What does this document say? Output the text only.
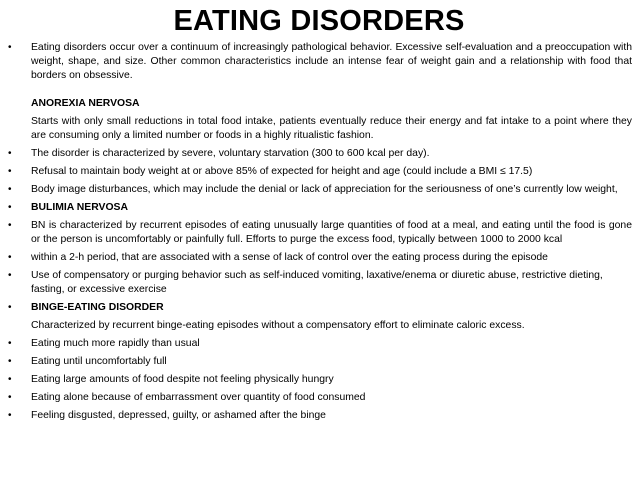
EATING DISORDERS
•	Eating disorders occur over a continuum of increasingly pathological behavior. Excessive self-evaluation and a preoccupation with weight, shape, and size. Other common characteristics include an intense fear of weight gain and a relationship with food that borders on obsessive.
ANOREXIA NERVOSA
Starts with only small reductions in total food intake, patients eventually reduce their energy and fat intake to a point where they are consuming only a limited number or foods in a highly ritualistic fashion.
•	The disorder is characterized by severe, voluntary starvation (300 to 600 kcal per day).
•	Refusal to maintain body weight at or above 85% of expected for height and age (could include a BMI ≤ 17.5)
•	Body image disturbances, which may include the denial or lack of appreciation for the seriousness of one’s currently low weight,
•	BULIMIA NERVOSA
•	BN is characterized by recurrent episodes of eating unusually large quantities of food at a meal, and eating until the food is gone or the person is uncomfortably or painfully full. Efforts to purge the excess food, typically between 1000 to 2000 kcal
•	within a 2-h period, that are associated with a sense of lack of control over the eating process during the episode
•	Use of compensatory or purging behavior such as self-induced vomiting, laxative/enema or diuretic abuse, restrictive dieting, fasting, or excessive exercise
•	BINGE-EATING DISORDER
Characterized by recurrent binge-eating episodes without a compensatory effort to eliminate caloric excess.
•	Eating much more rapidly than usual
•	Eating until uncomfortably full
•	Eating large amounts of food despite not feeling physically hungry
•	Eating alone because of embarrassment over quantity of food consumed
•	Feeling disgusted, depressed, guilty, or ashamed after the binge
